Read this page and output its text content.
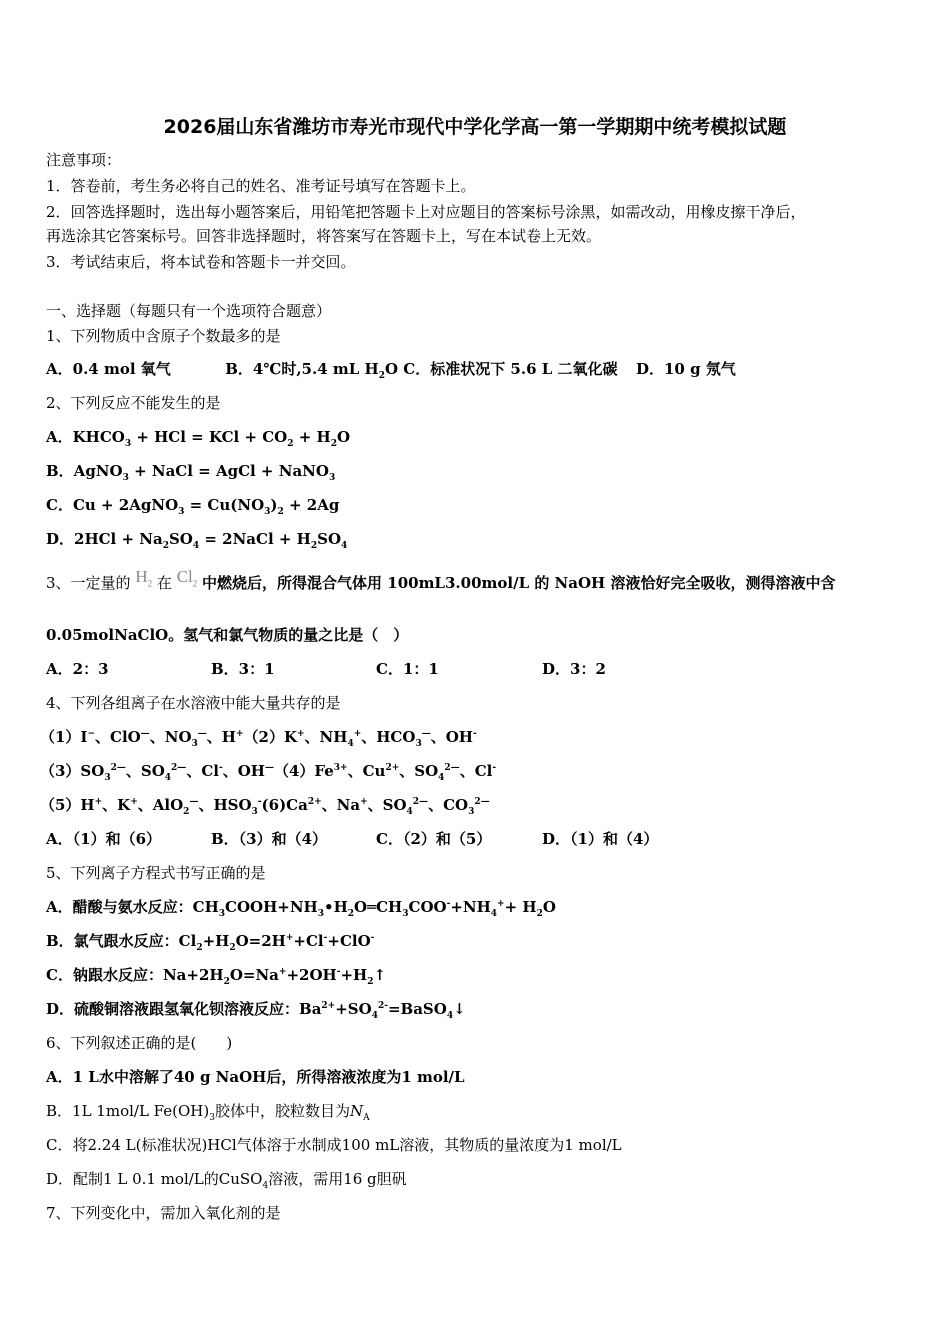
2026届山东省潍坊市寿光市现代中学化学高一第一学期期中统考模拟试题
注意事项：
1．答卷前，考生务必将自己的姓名、准考证号填写在答题卡上。
2．回答选择题时，选出每小题答案后，用铅笔把答题卡上对应题目的答案标号涂黑，如需改动，用橡皮擦干净后，
再选涂其它答案标号。回答非选择题时，将答案写在答题卡上，写在本试卷上无效。
3．考试结束后，将本试卷和答题卡一并交回。
一、选择题（每题只有一个选项符合题意）
1、下列物质中含原子个数最多的是
A．0.4 mol 氧气	B．4℃时,5.4 mL $H_2O$ C．标准状况下 5.6 L 二氧化碳 D．10 g 氖气
2、下列反应不能发生的是
A．$KHCO_3$ + HCl = KCl + $CO_2 + H_2O$
B．AgNO$_3$ + NaCl = AgCl + NaNO$_3$
C．Cu + 2AgNO$_3$ = $Cu(NO_3)_2 + 2Ag$
D．$2HCl + Na_2SO_4$ = 2NaCl + $H_2SO_4$
3、一定量的 $H_2$ 在 $Cl_2$ 中燃烧后，所得混合气体用 100mL3.00mol/L 的 NaOH 溶液恰好完全吸收，测得溶液中含
0.05molNaClO。氢气和氯气物质的量之比是（　）
A．2：3	B．3：1	C．1：1	D．3：2
4、下列各组离子在水溶液中能大量共存的是
（1）I−、ClO—、$NO_3^—$、H+（2）K+、$NH_4^+$、$HCO_3^—$、OH-
$(3)SO_3^{2—}$、$SO_4^{2—}$、Cl-、$OH^—(4)Fe^{3+}$、$Cu^{2+}$、$SO_4^{2—}$、Cl-
（5）H+、K+、AlO$_2$—、$HSO_3^-(6)Ca^{2+}$、Na+、$SO_4^{2—}$、$CO_3^{2—}$
A．（1）和（6）	B．（3）和（4）	C．（2）和（5）	D．（1）和（4）
5、下列离子方程式书写正确的是
A．醋酸与氨水反应：$CH_3COOH+NH_3•H_2O═CH_3COO^-+NH_4^++ H_2O$
B．氯气跟水反应：$Cl_2+H_2O=2H^++Cl^-+ClO^-$
C．钠跟水反应：$Na+2H_2O=Na^++2OH^-+H_2↑$
D．硫酸铜溶液跟氢氧化钡溶液反应：$Ba^{2+}+SO_4^{2-}=BaSO_4↓$
6、下列叙述正确的是(　　)
A．1 L水中溶解了40 g NaOH后，所得溶液浓度为1 mol/L
B．1L 1mol/L $Fe(OH)_3$胶体中，胶粒数目为$N_A$
C．将2.24 L(标准状况)HCl气体溶于水制成100 mL溶液，其物质的量浓度为1 mol/L
D．配制1 L 0.1 mol/L的CuSO$_4$溶液，需用16 g胆矾
7、下列变化中，需加入氧化剂的是
